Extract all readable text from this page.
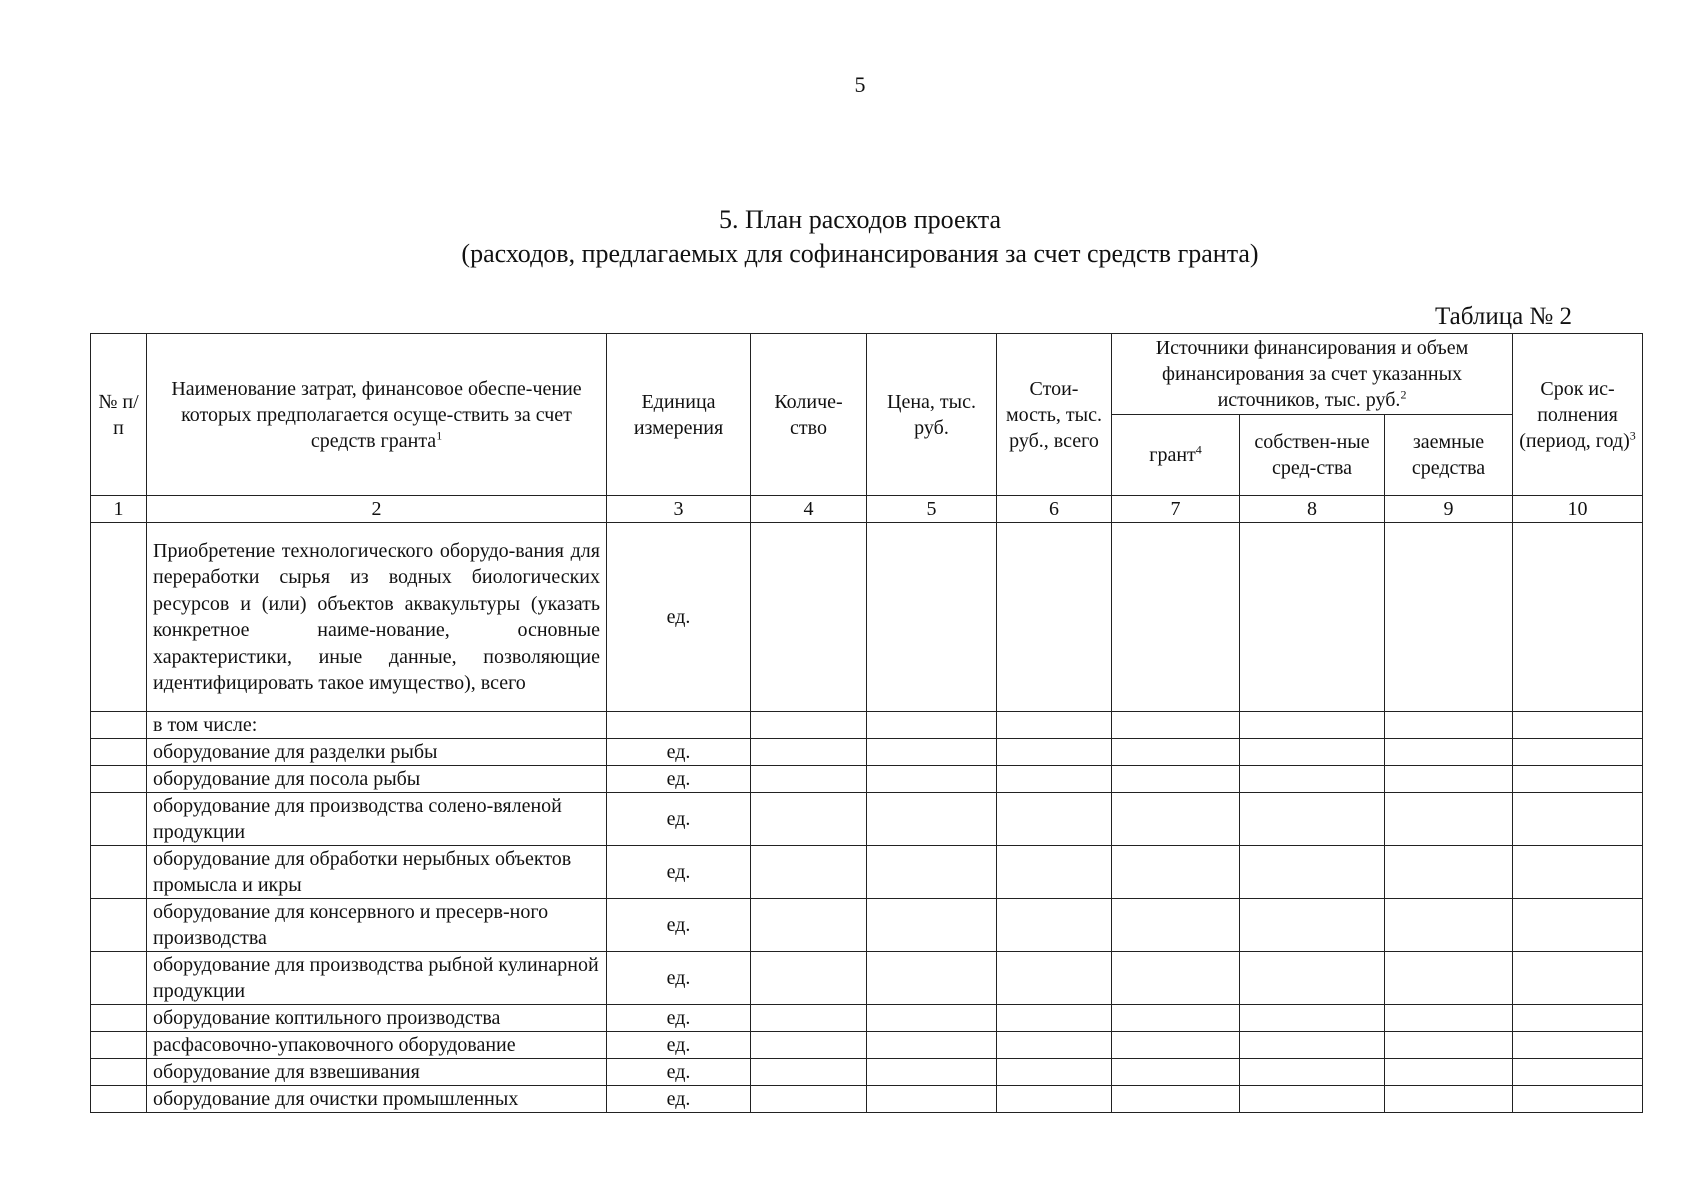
5
5. План расходов проекта
(расходов, предлагаемых для софинансирования за счет средств гранта)
Таблица № 2
№ п/п	Наименование затрат, финансовое обеспе-чение которых предполагается осуще-ствить за счет средств гранта$^1$	Единица измерения	Количе-ство	Цена, тыс. руб.	Стои-мость, тыс. руб., всего	Источники финансирования и объем финансирования за счет указанных источников, тыс. руб.$^2$			Срок ис-полнения (период, год)$^3$
						грант$^4$	собствен-ные сред-ства	заемные средства	
1	2	3	4	5	6	7	8	9	10
	Приобретение технологического оборудо-вания для переработки сырья из водных биологических ресурсов и (или) объектов аквакультуры (указать конкретное наиме-нование, основные характеристики, иные данные, позволяющие идентифицировать такое имущество), всего	ед.							
	в том числе:								
	оборудование для разделки рыбы	ед.							
	оборудование для посола рыбы	ед.							
	оборудование для производства солено-вяленой продукции	ед.							
	оборудование для обработки нерыбных объектов промысла и икры	ед.							
	оборудование для консервного и пресерв-ного производства	ед.							
	оборудование для производства рыбной кулинарной продукции	ед.							
	оборудование коптильного производства	ед.							
	расфасовочно-упаковочного оборудование	ед.							
	оборудование для взвешивания	ед.							
	оборудование для очистки промышленных	ед.							
